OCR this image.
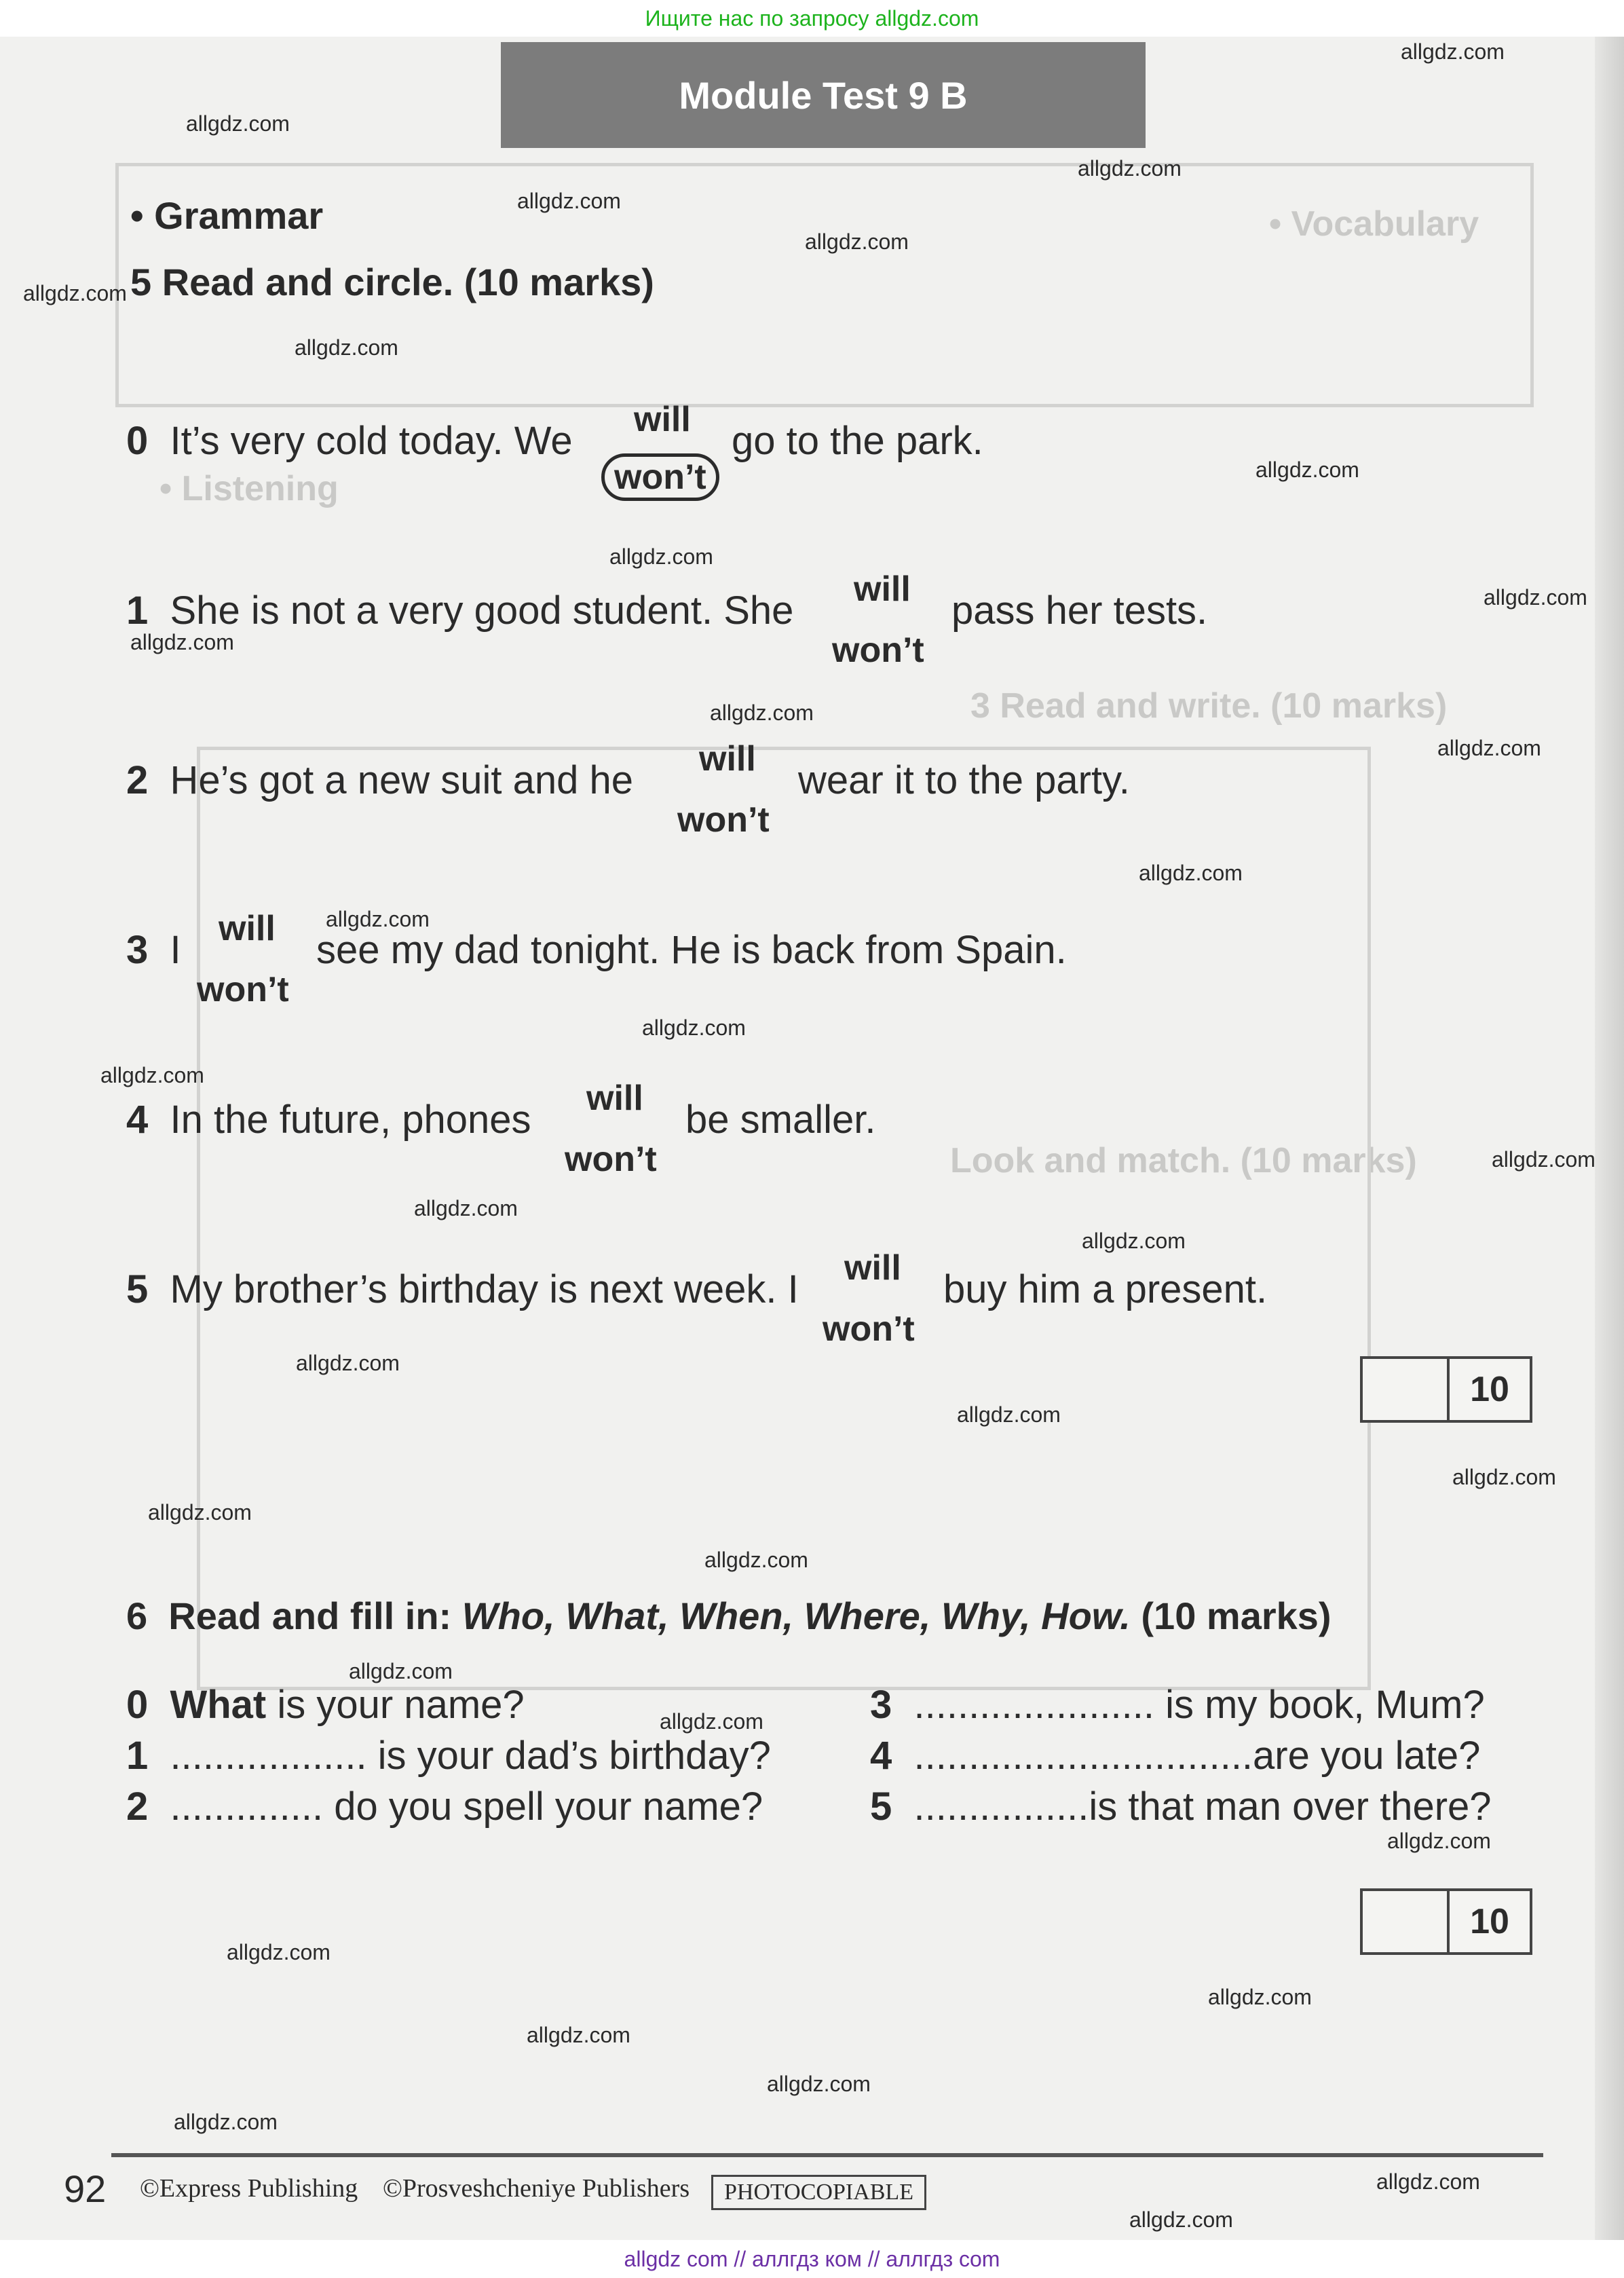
Ищите нас по запросу allgdz.com
• Vocabulary
• Listening
3 Read and write. (10 marks)
Look and match. (10 marks)
Module Test 9 B
• Grammar
5 Read and circle. (10 marks)
0 It’s very cold today. We will
won’t
go to the park.
1 She is not a very good student. She will
won’t
pass her tests.
2 He’s got a new suit and he will
won’t
wear it to the party.
3 I will
won’t
see my dad tonight. He is back from Spain.
4 In the future, phones will
won’t
be smaller.
5 My brother’s birthday is next week. I will
won’t
buy him a present.
10
6 Read and fill in: Who, What, When, Where, Why, How. (10 marks)
0 What is your name?
1 .................. is your dad’s birthday?
2 .............. do you spell your name?
3 ...................... is my book, Mum?
4 ...............................are you late?
5 ................is that man over there?
10
92 ©Express Publishing ©Prosveshcheniye Publishers	PHOTOCOPIABLE
allgdz.com
allgdz.com
allgdz.com
allgdz.com
allgdz.com
allgdz.com
allgdz.com
allgdz.com
allgdz.com
allgdz.com
allgdz.com
allgdz.com
allgdz.com
allgdz.com
allgdz.com
allgdz.com
allgdz.com
allgdz.com
allgdz.com
allgdz.com
allgdz.com
allgdz.com
allgdz.com
allgdz.com
allgdz.com
allgdz.com
allgdz.com
allgdz.com
allgdz.com
allgdz.com
allgdz.com
allgdz.com
allgdz.com
allgdz.com
allgdz.com
allgdz com // аллгдз ком // аллгдз com
